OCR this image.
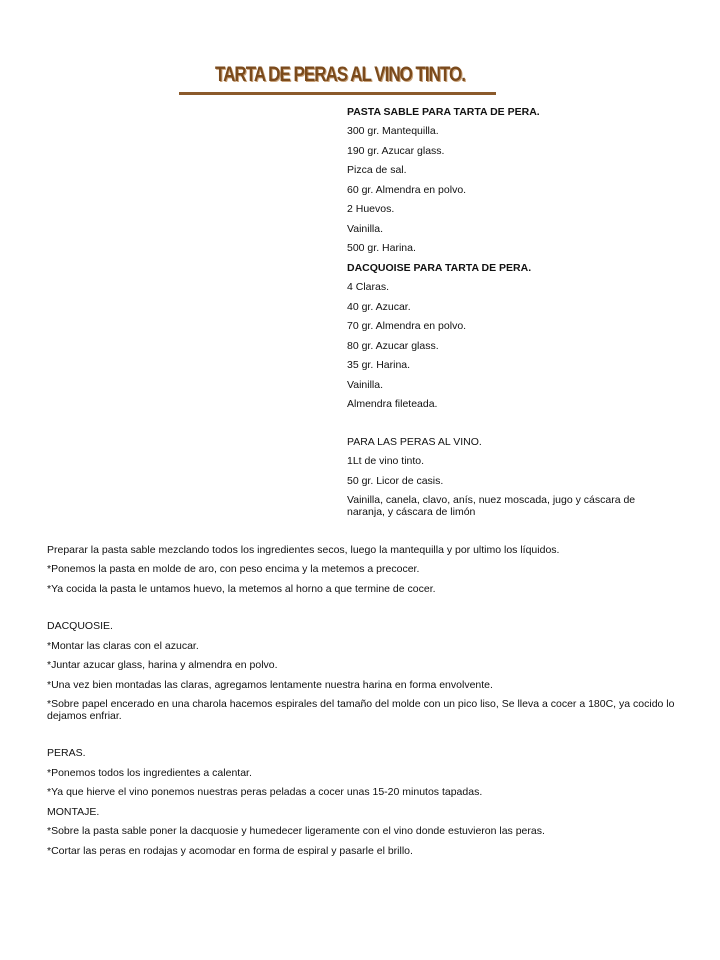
TARTA DE PERAS AL VINO TINTO.
PASTA SABLE PARA TARTA DE PERA.
300 gr. Mantequilla.
190 gr. Azucar glass.
Pizca de sal.
60 gr. Almendra en polvo.
2 Huevos.
Vainilla.
500 gr. Harina.
DACQUOISE PARA TARTA DE PERA.
4 Claras.
40 gr. Azucar.
70 gr. Almendra en polvo.
80 gr. Azucar glass.
35 gr. Harina.
Vainilla.
Almendra fileteada.
PARA LAS PERAS AL VINO.
1Lt de vino tinto.
50 gr. Licor de casis.
Vainilla, canela, clavo, anís, nuez moscada, jugo y cáscara de naranja, y cáscara de limón
Preparar la pasta sable mezclando todos los ingredientes secos, luego la mantequilla y por ultimo los líquidos.
*Ponemos la pasta en molde de aro, con peso encima y la metemos a precocer.
*Ya cocida la pasta le untamos huevo, la metemos al horno a que termine de cocer.
DACQUOSIE.
*Montar las claras con el azucar.
*Juntar azucar glass, harina y almendra en polvo.
*Una vez bien montadas las claras, agregamos lentamente nuestra harina en forma envolvente.
*Sobre papel encerado en una charola hacemos espirales del tamaño del molde con un pico liso, Se lleva a cocer a 180C, ya cocido lo dejamos enfriar.
PERAS.
*Ponemos todos los ingredientes a calentar.
*Ya que hierve el vino ponemos nuestras peras peladas a cocer unas 15-20 minutos tapadas.
MONTAJE.
*Sobre la pasta sable poner la dacquosie y humedecer ligeramente con el vino donde estuvieron las peras.
*Cortar las peras en rodajas y acomodar en forma de espiral y pasarle el brillo.
